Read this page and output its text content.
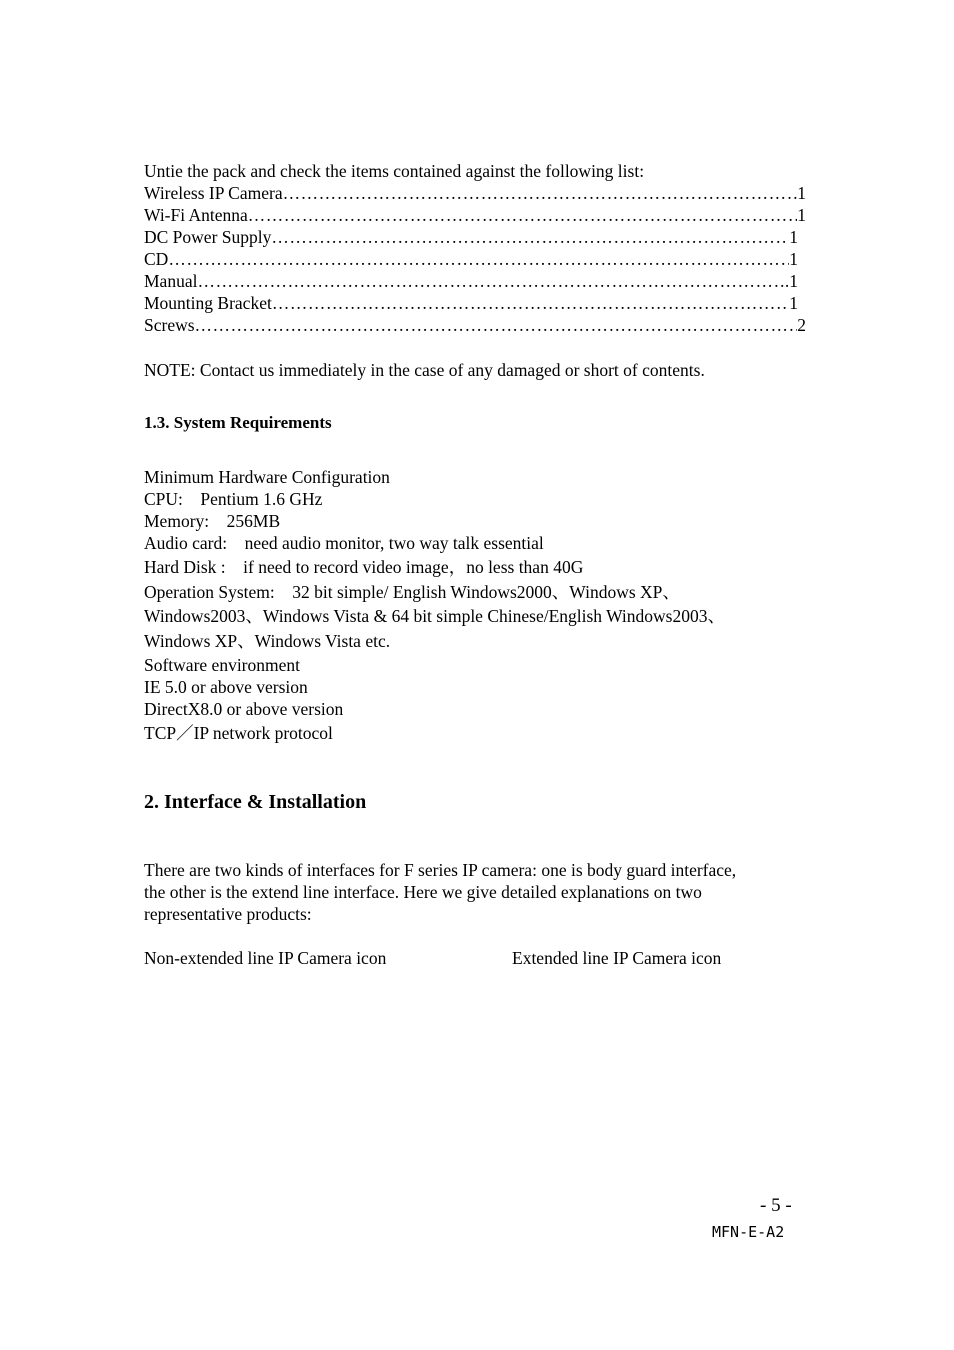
Untie the pack and check the items contained against the following list:
Wireless IP Camera ……………………………………………………………………………………………………………………………………	1
Wi-Fi Antenna ……………………………………………………………………………………………………………………………………	1
DC Power Supply ……………………………………………………………………………………………………………………………………	1
CD ……………………………………………………………………………………………………………………………………	1
Manual ……………………………………………………………………………………………………………………………………	.1
Mounting Bracket ……………………………………………………………………………………………………………………………………	1
Screws ……………………………………………………………………………………………………………………………………	2
NOTE: Contact us immediately in the case of any damaged or short of contents.
1.3. System Requirements
Minimum Hardware Configuration
CPU:    Pentium 1.6 GHz
Memory:    256MB
Audio card:    need audio monitor, two way talk essential
Hard Disk :    if need to record video image，no less than 40G
Operation System:    32 bit simple/ English Windows2000、Windows XP、
Windows2003、Windows Vista & 64 bit simple Chinese/English Windows2003、
Windows XP、Windows Vista etc.
Software environment
IE 5.0 or above version
DirectX8.0 or above version
TCP／IP network protocol
2. Interface & Installation
There are two kinds of interfaces for F series IP camera: one is body guard interface,
the other is the extend line interface. Here we give detailed explanations on two
representative products:
Non-extended line IP Camera icon	Extended line IP Camera icon
- 5 -
MFN-E-A2
